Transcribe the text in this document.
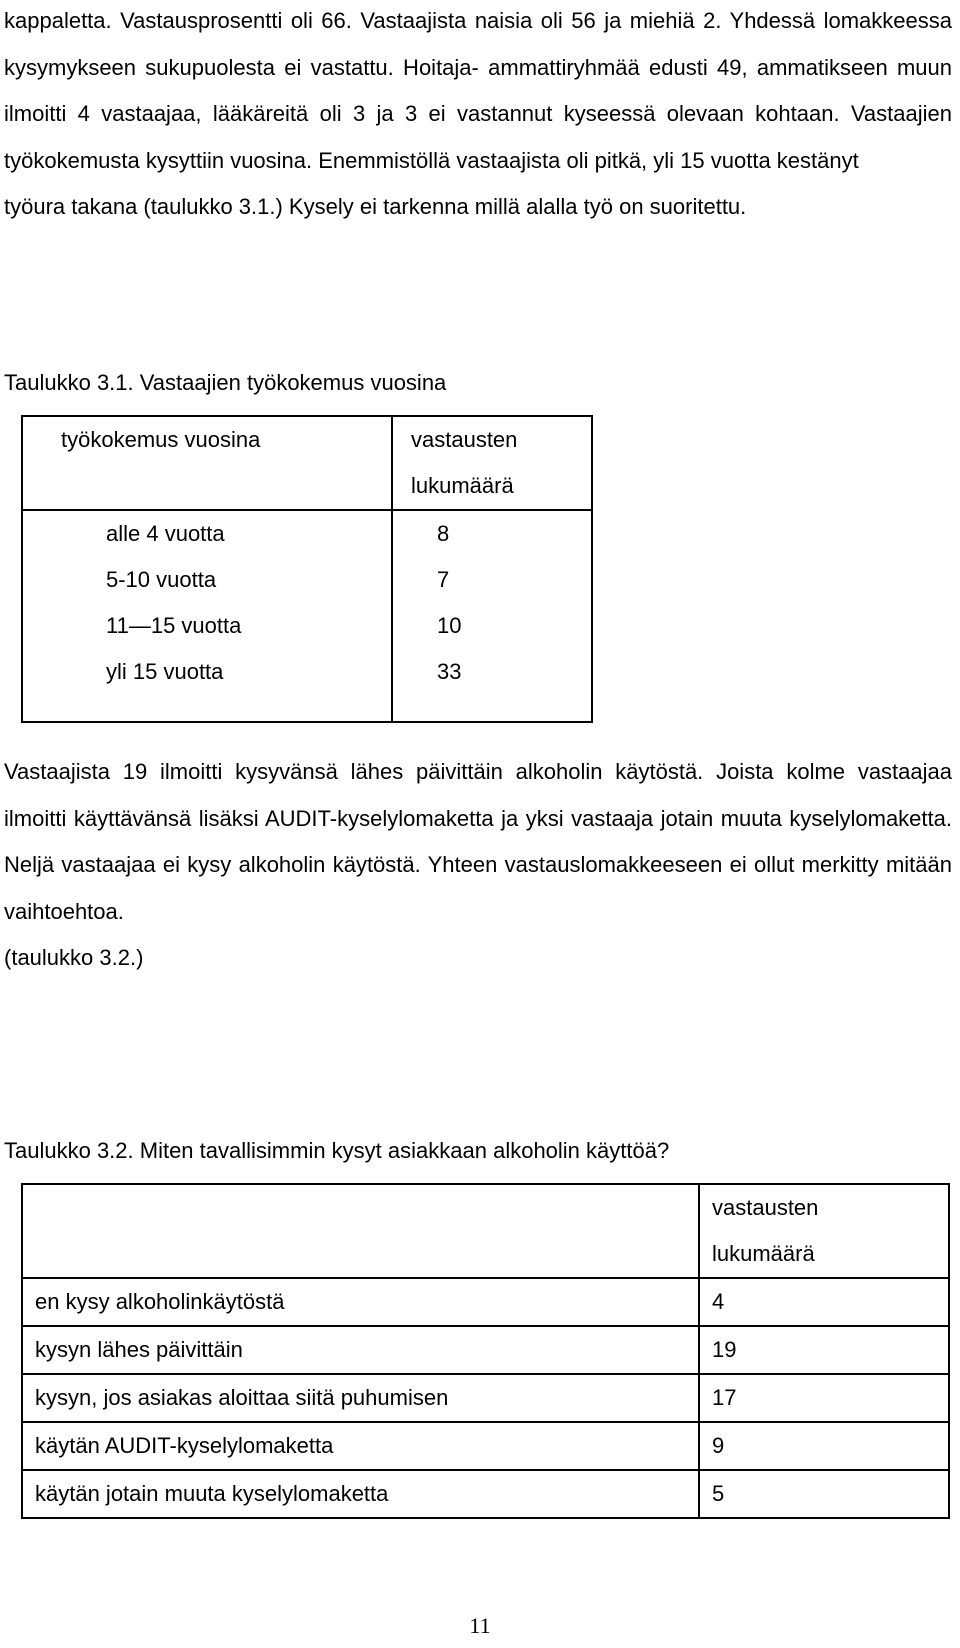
kappaletta. Vastausprosentti oli 66. Vastaajista naisia oli 56 ja miehiä 2. Yhdessä lomakkeessa kysymykseen sukupuolesta ei vastattu. Hoitaja- ammattiryhmää edusti 49, ammatikseen muun ilmoitti 4 vastaajaa, lääkäreitä oli 3 ja 3 ei vastannut kyseessä olevaan kohtaan. Vastaajien työkokemusta kysyttiin vuosina. Enemmistöllä vastaajista oli pitkä, yli 15 vuotta kestänyt
työura takana (taulukko 3.1.) Kysely ei tarkenna millä alalla työ on suoritettu.

Taulukko 3.1. Vastaajien työkokemus vuosina

työkokemus vuosina	vastausten
lukumäärä

alle 4 vuotta	8

5-10 vuotta	7

11—15 vuotta	10

yli 15 vuotta	33

Vastaajista 19 ilmoitti kysyvänsä lähes päivittäin alkoholin käytöstä. Joista kolme vastaajaa ilmoitti käyttävänsä lisäksi AUDIT-kyselylomaketta ja yksi vastaaja jotain muuta kyselylomaketta. Neljä vastaajaa ei kysy alkoholin käytöstä. Yhteen vastauslomakkeeseen ei ollut merkitty mitään vaihtoehtoa.
(taulukko 3.2.)

Taulukko 3.2. Miten tavallisimmin kysyt asiakkaan alkoholin käyttöä?

	vastausten
lukumäärä

en kysy alkoholinkäytöstä	4

kysyn lähes päivittäin	19

kysyn, jos asiakas aloittaa siitä puhumisen	17

käytän AUDIT-kyselylomaketta	9

käytän jotain muuta kyselylomaketta	5
11
